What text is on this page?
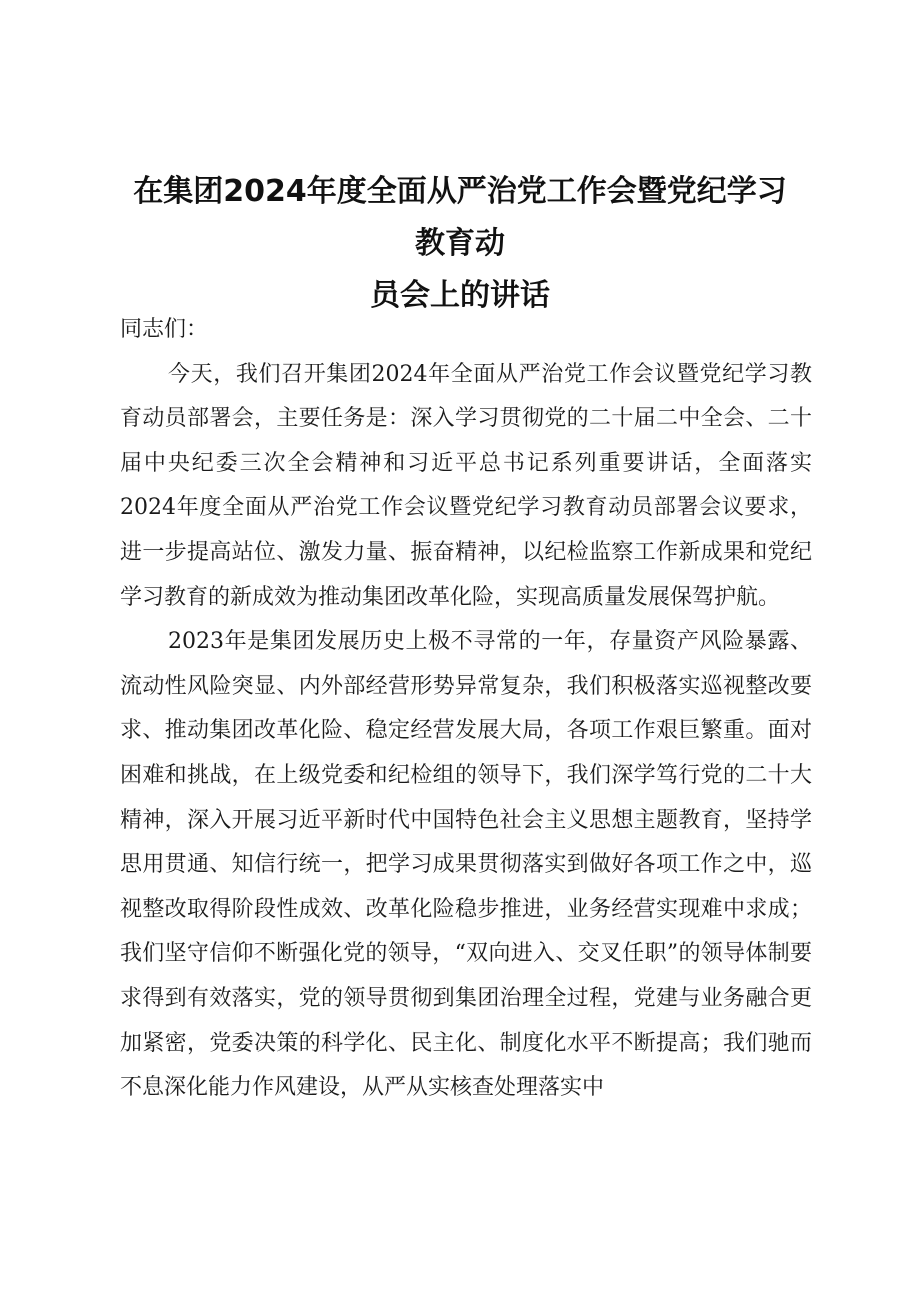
在集团2024年度全面从严治党工作会暨党纪学习教育动
员会上的讲话

同志们：

今天，我们召开集团2024年全面从严治党工作会议暨党纪学习教育动员部署会，主要任务是：深入学习贯彻党的二十届二中全会、二十届中央纪委三次全会精神和习近平总书记系列重要讲话，全面落实2024年度全面从严治党工作会议暨党纪学习教育动员部署会议要求，进一步提高站位、激发力量、振奋精神，以纪检监察工作新成果和党纪学习教育的新成效为推动集团改革化险，实现高质量发展保驾护航。

2023年是集团发展历史上极不寻常的一年，存量资产风险暴露、流动性风险突显、内外部经营形势异常复杂，我们积极落实巡视整改要求、推动集团改革化险、稳定经营发展大局，各项工作艰巨繁重。面对困难和挑战，在上级党委和纪检组的领导下，我们深学笃行党的二十大精神，深入开展习近平新时代中国特色社会主义思想主题教育，坚持学思用贯通、知信行统一，把学习成果贯彻落实到做好各项工作之中，巡视整改取得阶段性成效、改革化险稳步推进，业务经营实现难中求成；我们坚守信仰不断强化党的领导，“双向进入、交叉任职”的领导体制要求得到有效落实，党的领导贯彻到集团治理全过程，党建与业务融合更加紧密，党委决策的科学化、民主化、制度化水平不断提高；我们驰而不息深化能力作风建设，从严从实核查处理落实中
